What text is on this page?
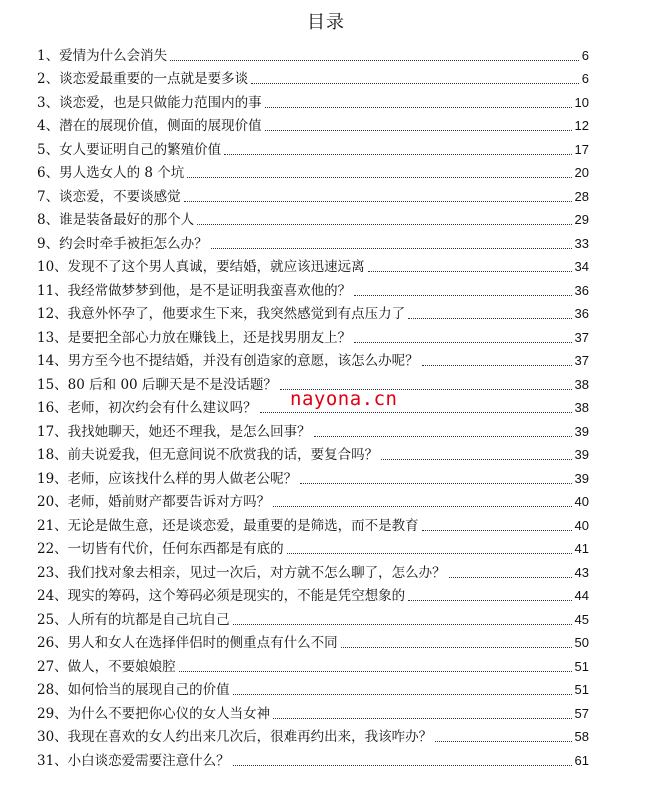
目录
1、爱情为什么会消失	6
2、谈恋爱最重要的一点就是要多谈	6
3、谈恋爱，也是只做能力范围内的事	10
4、潜在的展现价值，侧面的展现价值	12
5、女人要证明自己的繁殖价值	17
6、男人选女人的 8 个坑	20
7、谈恋爱，不要谈感觉	28
8、谁是装备最好的那个人	29
9、约会时牵手被拒怎么办？	33
10、发现不了这个男人真诚，要结婚，就应该迅速远离	34
11、我经常做梦梦到他，是不是证明我蛮喜欢他的？	36
12、我意外怀孕了，他要求生下来，我突然感觉到有点压力了	36
13、是要把全部心力放在赚钱上，还是找男朋友上？	37
14、男方至今也不提结婚，并没有创造家的意愿，该怎么办呢？	37
15、80 后和 00 后聊天是不是没话题？	38
16、老师，初次约会有什么建议吗？	38
17、我找她聊天，她还不理我，是怎么回事？	39
18、前夫说爱我，但无意间说不欣赏我的话，要复合吗？	39
19、老师，应该找什么样的男人做老公呢？	39
20、老师，婚前财产都要告诉对方吗？	40
21、无论是做生意，还是谈恋爱，最重要的是筛选，而不是教育	40
22、一切皆有代价，任何东西都是有底的	41
23、我们找对象去相亲，见过一次后，对方就不怎么聊了，怎么办？	43
24、现实的筹码，这个筹码必须是现实的，不能是凭空想象的	44
25、人所有的坑都是自己坑自己	45
26、男人和女人在选择伴侣时的侧重点有什么不同	50
27、做人，不要娘娘腔	51
28、如何恰当的展现自己的价值	51
29、为什么不要把你心仪的女人当女神	57
30、我现在喜欢的女人约出来几次后，很难再约出来，我该咋办？	58
31、小白谈恋爱需要注意什么？	61
nayona.cn
